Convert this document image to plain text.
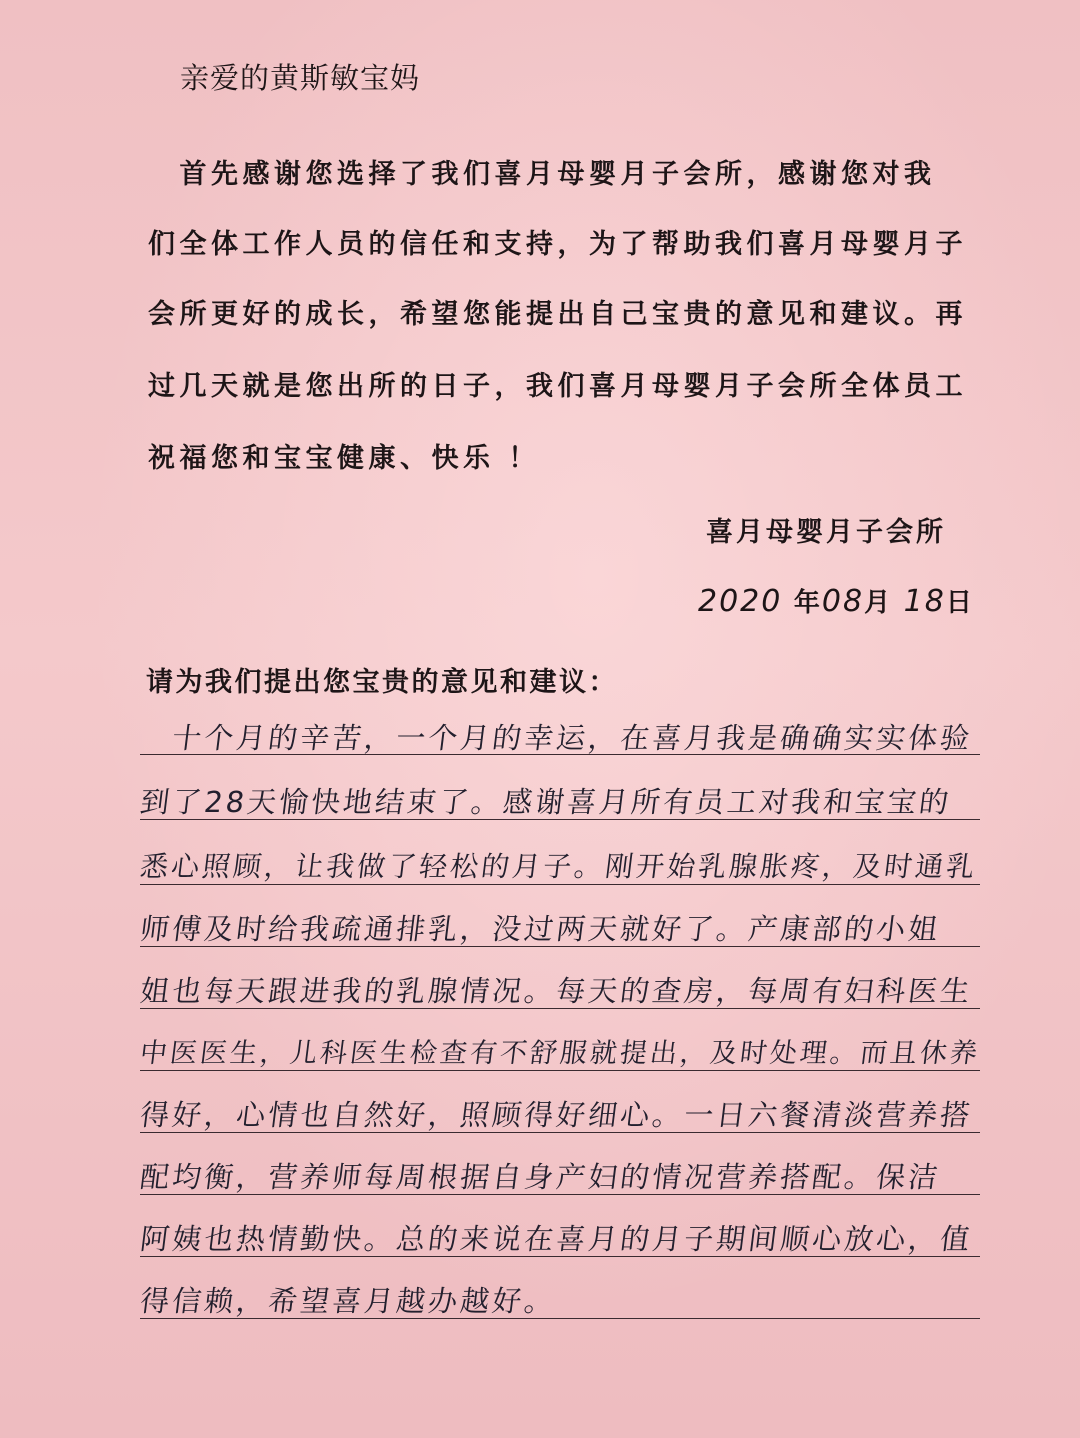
亲爱的黄斯敏宝妈
　首先感谢您选择了我们喜月母婴月子会所，感谢您对我
们全体工作人员的信任和支持，为了帮助我们喜月母婴月子
会所更好的成长，希望您能提出自己宝贵的意见和建议。再
过几天就是您出所的日子，我们喜月母婴月子会所全体员工
祝福您和宝宝健康、快乐 ！
喜月母婴月子会所
2020 年08月 18日
请为我们提出您宝贵的意见和建议：
　十个月的辛苦，一个月的幸运，在喜月我是确确实实体验
到了28天愉快地结束了。感谢喜月所有员工对我和宝宝的
悉心照顾，让我做了轻松的月子。刚开始乳腺胀疼，及时通乳
师傅及时给我疏通排乳，没过两天就好了。产康部的小姐
姐也每天跟进我的乳腺情况。每天的查房，每周有妇科医生
中医医生，儿科医生检查有不舒服就提出，及时处理。而且休养
得好，心情也自然好，照顾得好细心。一日六餐清淡营养搭
配均衡，营养师每周根据自身产妇的情况营养搭配。保洁
阿姨也热情勤快。总的来说在喜月的月子期间顺心放心，值
得信赖，希望喜月越办越好。
